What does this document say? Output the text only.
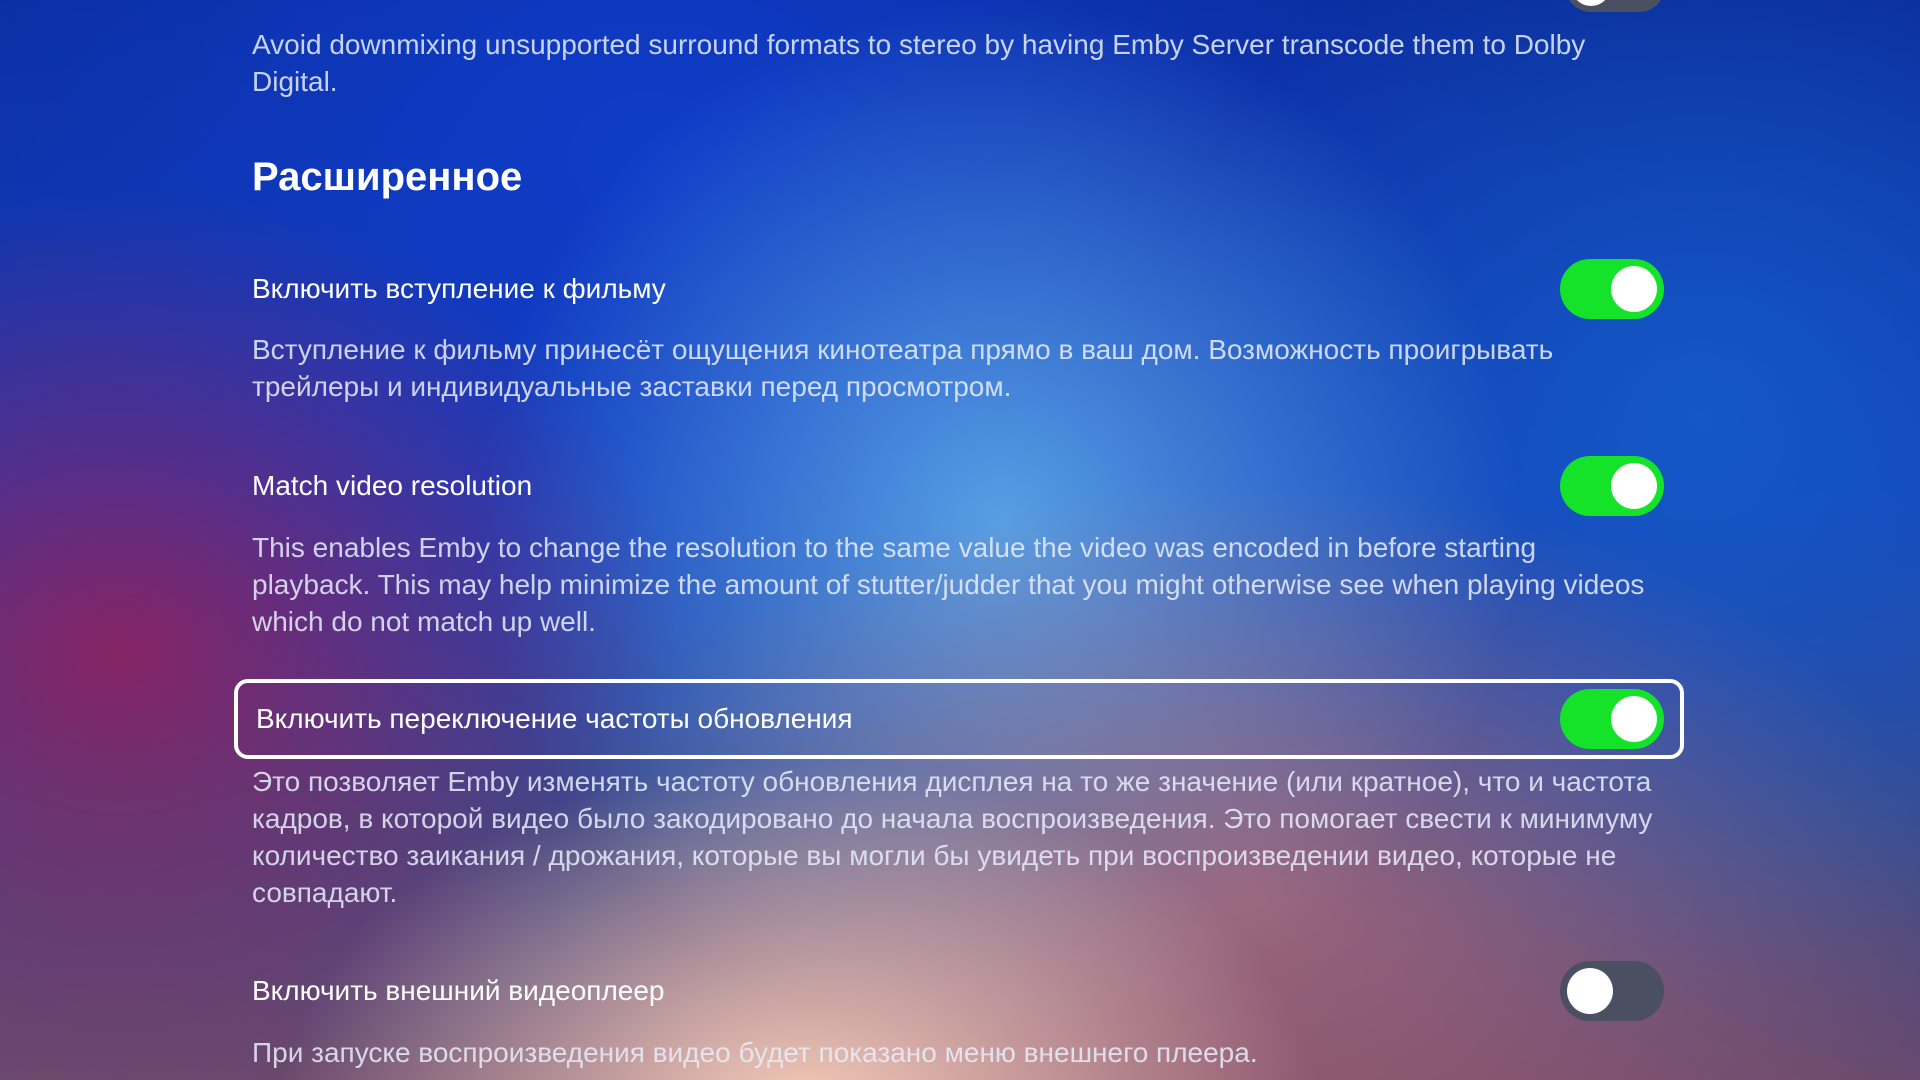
Avoid downmixing unsupported surround formats to stereo by having Emby Server transcode them to Dolby Digital.
Расширенное
Включить вступление к фильму
Вступление к фильму принесёт ощущения кинотеатра прямо в ваш дом. Возможность проигрывать трейлеры и индивидуальные заставки перед просмотром.
Match video resolution
This enables Emby to change the resolution to the same value the video was encoded in before starting playback. This may help minimize the amount of stutter/judder that you might otherwise see when playing videos which do not match up well.
Включить переключение частоты обновления
Это позволяет Emby изменять частоту обновления дисплея на то же значение (или кратное), что и частота кадров, в которой видео было закодировано до начала воспроизведения. Это помогает свести к минимуму количество заикания / дрожания, которые вы могли бы увидеть при воспроизведении видео, которые не совпадают.
Включить внешний видеоплеер
При запуске воспроизведения видео будет показано меню внешнего плеера.
